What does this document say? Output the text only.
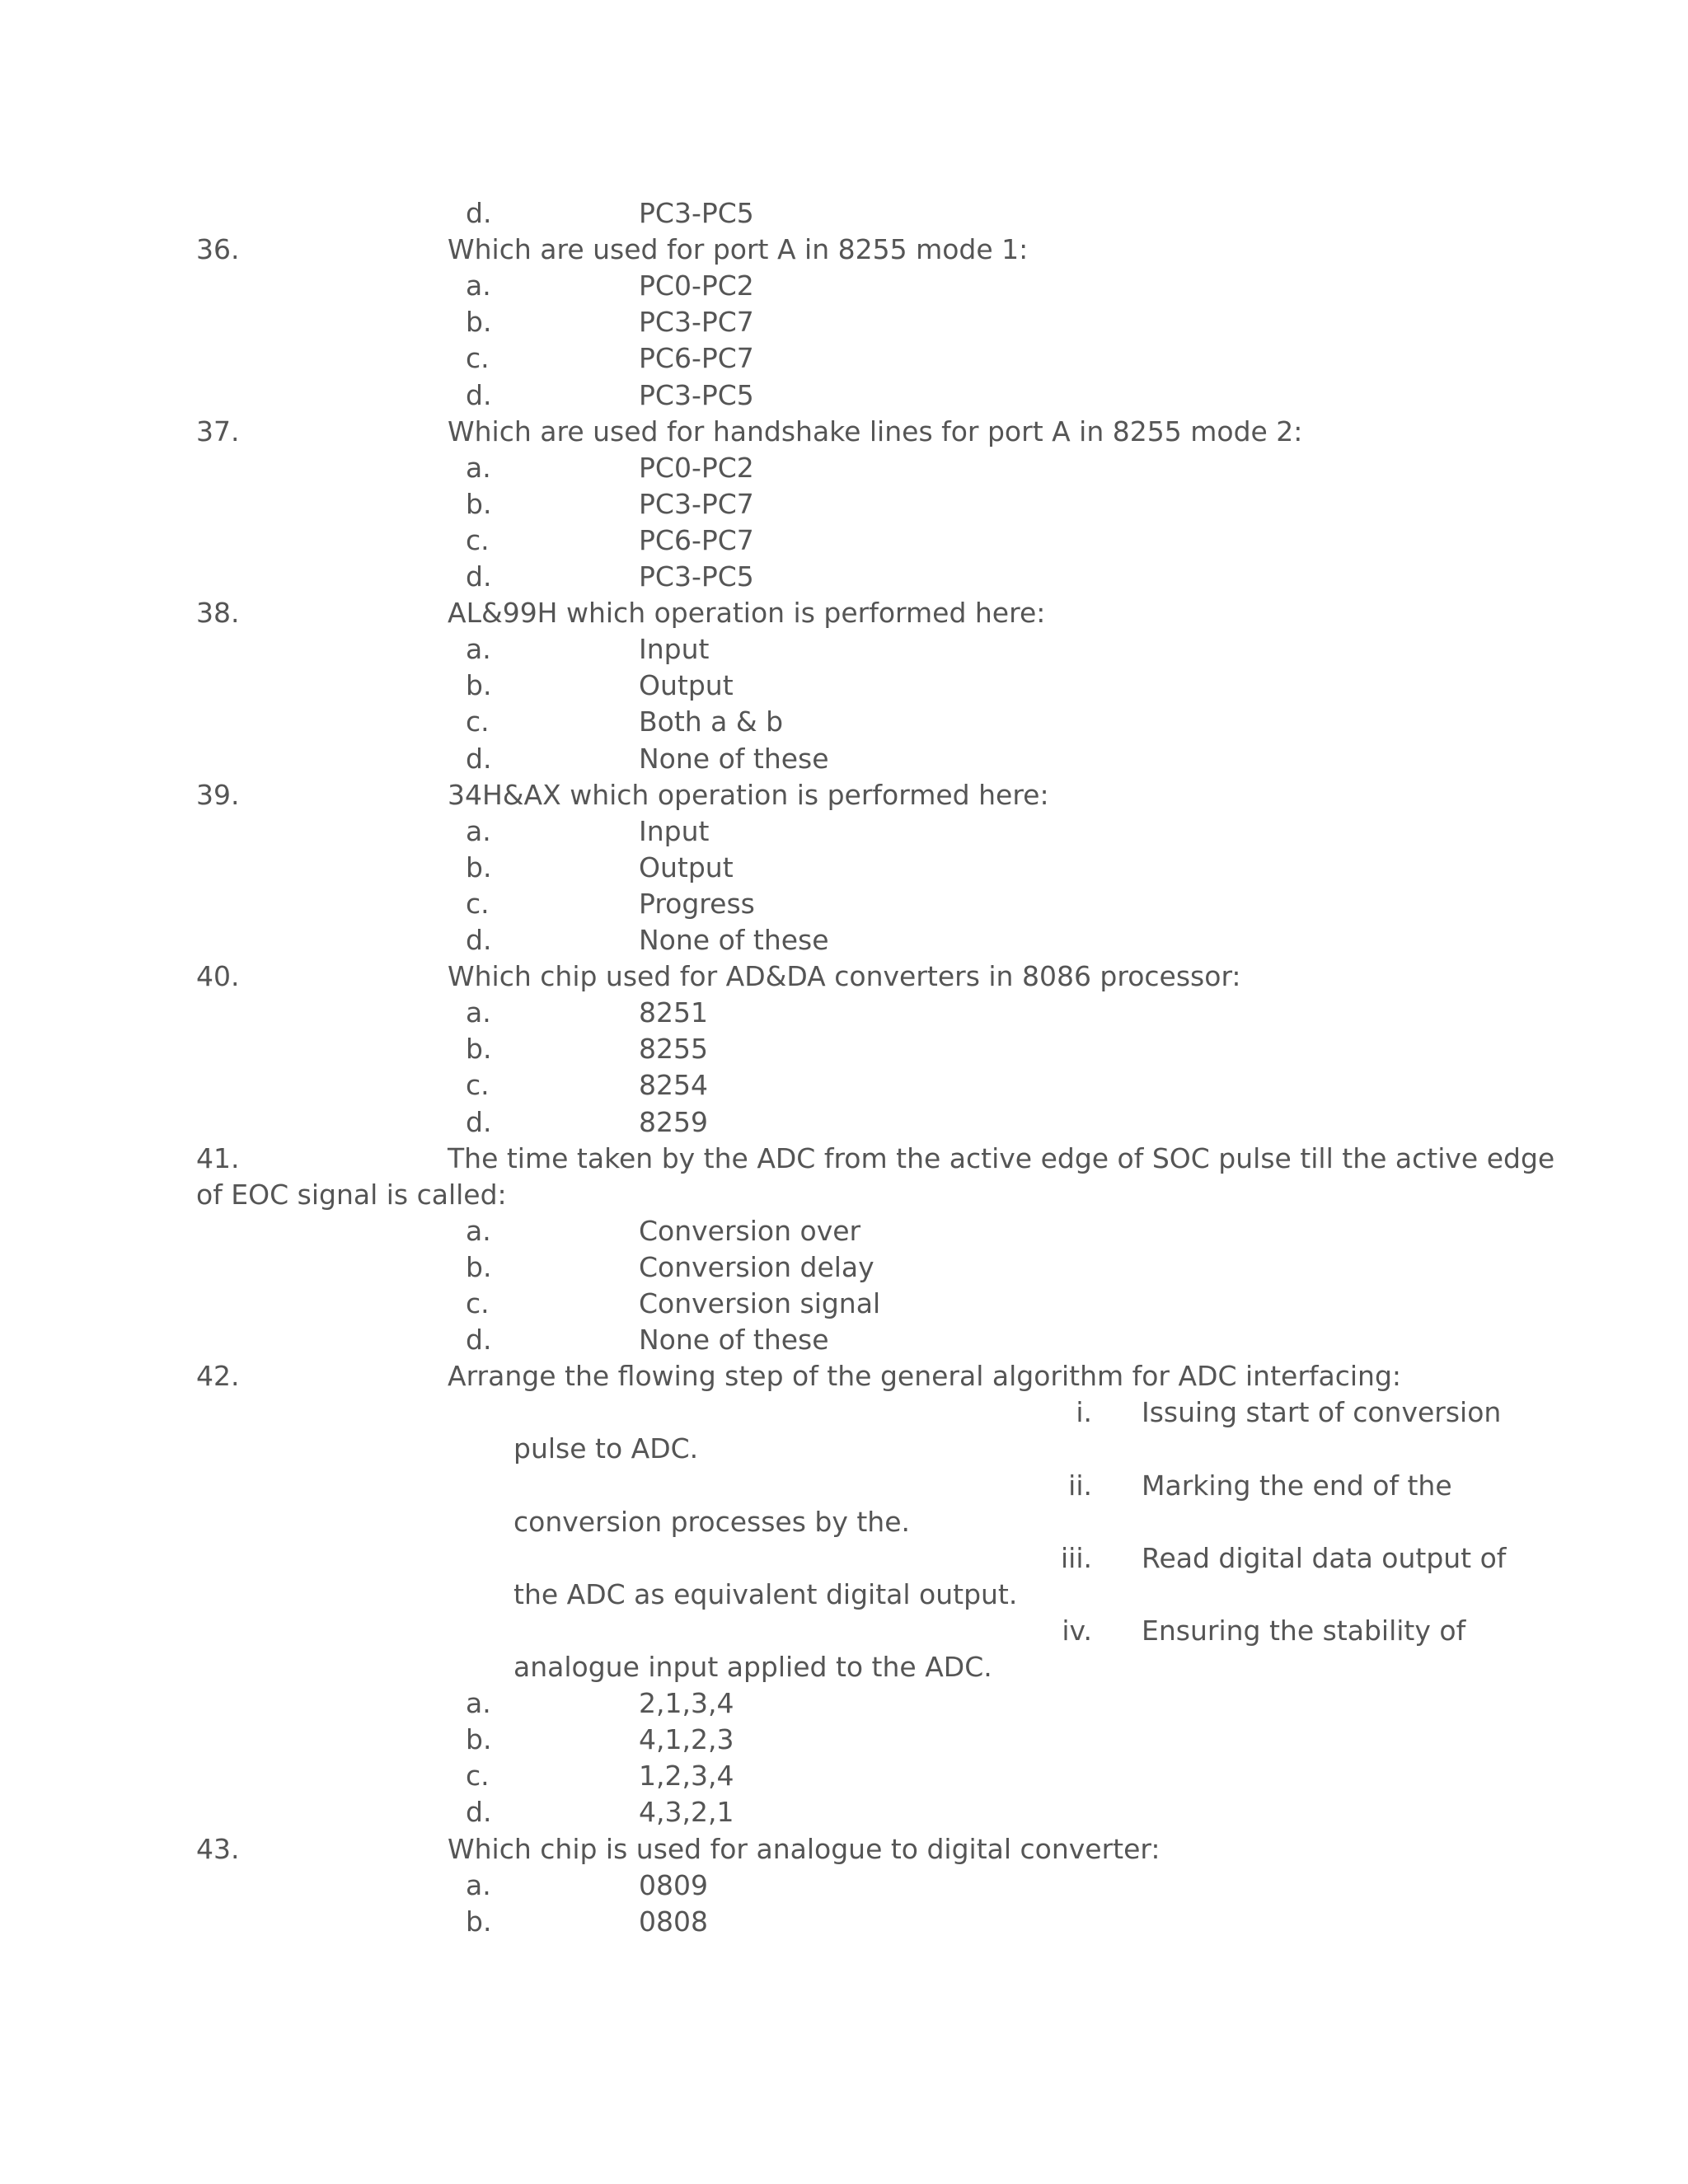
d.	PC3-PC5
36.	Which are used for port A in 8255 mode 1:
a.	PC0-PC2
b.	PC3-PC7
c.	PC6-PC7
d.	PC3-PC5
37.	Which are used for handshake lines for port A in 8255 mode 2:
a.	PC0-PC2
b.	PC3-PC7
c.	PC6-PC7
d.	PC3-PC5
38.	AL&99H which operation is performed here:
a.	Input
b.	Output
c.	Both a & b
d.	None of these
39.	34H&AX which operation is performed here:
a.	Input
b.	Output
c.	Progress
d.	None of these
40.	Which chip used for AD&DA converters in 8086 processor:
a.	8251
b.	8255
c.	8254
d.	8259
41.	The time taken by the ADC from the active edge of SOC pulse till the active edge
of EOC signal is called:
a.	Conversion over
b.	Conversion delay
c.	Conversion signal
d.	None of these
42.	Arrange the flowing step of the general algorithm for ADC interfacing:
i. Issuing start of conversion
pulse to ADC.
ii. Marking the end of the
conversion processes by the.
iii. Read digital data output of
the ADC as equivalent digital output.
iv. Ensuring the stability of
analogue input applied to the ADC.
a.	2,1,3,4
b.	4,1,2,3
c.	1,2,3,4
d.	4,3,2,1
43.	Which chip is used for analogue to digital converter:
a.	0809
b.	0808
